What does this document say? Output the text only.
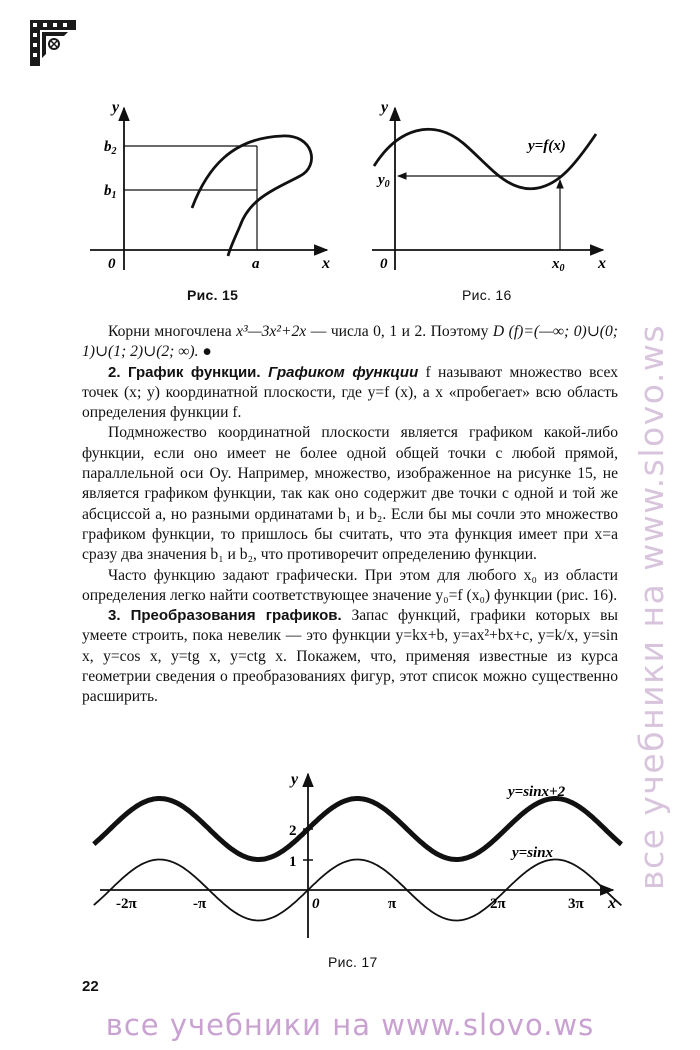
y
x
0
$b_2$
$b_1$
a
Рис. 15
y
x
0
y=f(x)
$y_0$
$x_0$
Рис. 16

Корни многочлена x³—3x²+2x — числа 0, 1 и 2. Поэтому D (f)=(—∞; 0)∪(0; 1)∪(1; 2)∪(2; ∞). ●

2. График функции. Графиком функции f называют множество всех точек (x; y) координатной плоскости, где y=f (x), а x «пробегает» всю область определения функции f.

Подмножество координатной плоскости является графиком какой-либо функции, если оно имеет не более одной общей точки с любой прямой, параллельной оси Oy. Например, множество, изображенное на рисунке 15, не является графиком функции, так как оно содержит две точки с одной и той же абсциссой a, но разными ординатами b₁ и b₂. Если бы мы сочли это множество графиком функции, то пришлось бы считать, что эта функция имеет при x=a сразу два значения b₁ и b₂, что противоречит определению функции.

Часто функцию задают графически. При этом для любого x₀ из области определения легко найти соответствующее значение y₀=f (x₀) функции (рис. 16).

3. Преобразования графиков. Запас функций, графики которых вы умеете строить, пока невелик — это функции y=kx+b, y=ax²+bx+c, y=k/x, y=sin x, y=cos x, y=tg x, y=ctg x. Покажем, что, применяя известные из курса геометрии сведения о преобразованиях фигур, этот список можно существенно расширить.

y
x
0
2
1
-2π	-π	π	2π	3π
y=sinx+2
y=sinx
Рис. 17
22
все учебники на www.slovo.ws
все учебники на www.slovo.ws
